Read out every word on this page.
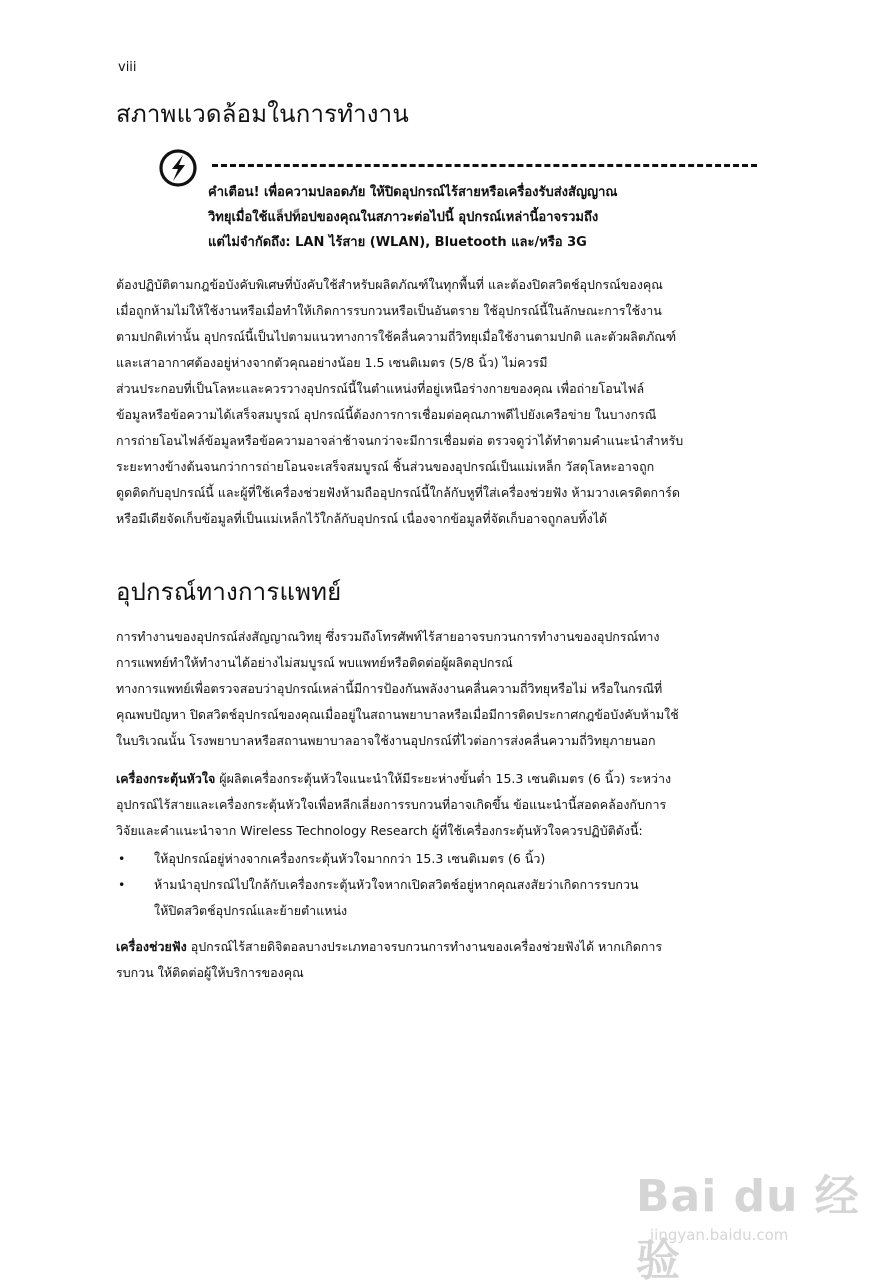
viii
สภาพแวดล้อมในการทำงาน
คำเตือน! เพื่อความปลอดภัย ให้ปิดอุปกรณ์ไร้สายหรือเครื่องรับส่งสัญญาณ
วิทยุเมื่อใช้แล็ปท็อปของคุณในสภาวะต่อไปนี้ อุปกรณ์เหล่านี้อาจรวมถึง
แต่ไม่จำกัดถึง: LAN ไร้สาย (WLAN), Bluetooth และ/หรือ 3G
ต้องปฏิบัติตามกฎข้อบังคับพิเศษที่บังคับใช้สำหรับผลิตภัณฑ์ในทุกพื้นที่ และต้องปิดสวิตช์อุปกรณ์ของคุณ
เมื่อถูกห้ามไม่ให้ใช้งานหรือเมื่อทำให้เกิดการรบกวนหรือเป็นอันตราย ใช้อุปกรณ์นี้ในลักษณะการใช้งาน
ตามปกติเท่านั้น อุปกรณ์นี้เป็นไปตามแนวทางการใช้คลื่นความถี่วิทยุเมื่อใช้งานตามปกติ และตัวผลิตภัณฑ์
และเสาอากาศต้องอยู่ห่างจากตัวคุณอย่างน้อย 1.5 เซนติเมตร (5/8 นิ้ว) ไม่ควรมี
ส่วนประกอบที่เป็นโลหะและควรวางอุปกรณ์นี้ในตำแหน่งที่อยู่เหนือร่างกายของคุณ เพื่อถ่ายโอนไฟล์
ข้อมูลหรือข้อความได้เสร็จสมบูรณ์ อุปกรณ์นี้ต้องการการเชื่อมต่อคุณภาพดีไปยังเครือข่าย ในบางกรณี
การถ่ายโอนไฟล์ข้อมูลหรือข้อความอาจล่าช้าจนกว่าจะมีการเชื่อมต่อ ตรวจดูว่าได้ทำตามคำแนะนำสำหรับ
ระยะทางข้างต้นจนกว่าการถ่ายโอนจะเสร็จสมบูรณ์ ชิ้นส่วนของอุปกรณ์เป็นแม่เหล็ก วัสดุโลหะอาจถูก
ดูดติดกับอุปกรณ์นี้ และผู้ที่ใช้เครื่องช่วยฟังห้ามถืออุปกรณ์นี้ใกล้กับหูที่ใส่เครื่องช่วยฟัง ห้ามวางเครดิตการ์ด
หรือมีเดียจัดเก็บข้อมูลที่เป็นแม่เหล็กไว้ใกล้กับอุปกรณ์ เนื่องจากข้อมูลที่จัดเก็บอาจถูกลบทิ้งได้
อุปกรณ์ทางการแพทย์
การทำงานของอุปกรณ์ส่งสัญญาณวิทยุ ซึ่งรวมถึงโทรศัพท์ไร้สายอาจรบกวนการทำงานของอุปกรณ์ทาง
การแพทย์ทำให้ทำงานได้อย่างไม่สมบูรณ์ พบแพทย์หรือติดต่อผู้ผลิตอุปกรณ์
ทางการแพทย์เพื่อตรวจสอบว่าอุปกรณ์เหล่านี้มีการป้องกันพลังงานคลื่นความถี่วิทยุหรือไม่ หรือในกรณีที่
คุณพบปัญหา ปิดสวิตช์อุปกรณ์ของคุณเมื่ออยู่ในสถานพยาบาลหรือเมื่อมีการติดประกาศกฎข้อบังคับห้ามใช้
ในบริเวณนั้น โรงพยาบาลหรือสถานพยาบาลอาจใช้งานอุปกรณ์ที่ไวต่อการส่งคลื่นความถี่วิทยุภายนอก
เครื่องกระตุ้นหัวใจ ผู้ผลิตเครื่องกระตุ้นหัวใจแนะนำให้มีระยะห่างขั้นต่ำ 15.3 เซนติเมตร (6 นิ้ว) ระหว่าง
อุปกรณ์ไร้สายและเครื่องกระตุ้นหัวใจเพื่อหลีกเลี่ยงการรบกวนที่อาจเกิดขึ้น ข้อแนะนำนี้สอดคล้องกับการ
วิจัยและคำแนะนำจาก Wireless Technology Research ผู้ที่ใช้เครื่องกระตุ้นหัวใจควรปฏิบัติดังนี้:
• ให้อุปกรณ์อยู่ห่างจากเครื่องกระตุ้นหัวใจมากกว่า 15.3 เซนติเมตร (6 นิ้ว)
• ห้ามนำอุปกรณ์ไปใกล้กับเครื่องกระตุ้นหัวใจหากเปิดสวิตช์อยู่หากคุณสงสัยว่าเกิดการรบกวน
ให้ปิดสวิตช์อุปกรณ์และย้ายตำแหน่ง
เครื่องช่วยฟัง อุปกรณ์ไร้สายดิจิตอลบางประเภทอาจรบกวนการทำงานของเครื่องช่วยฟังได้ หากเกิดการ
รบกวน ให้ติดต่อผู้ให้บริการของคุณ
Bai du 经验
jingyan.baidu.com
